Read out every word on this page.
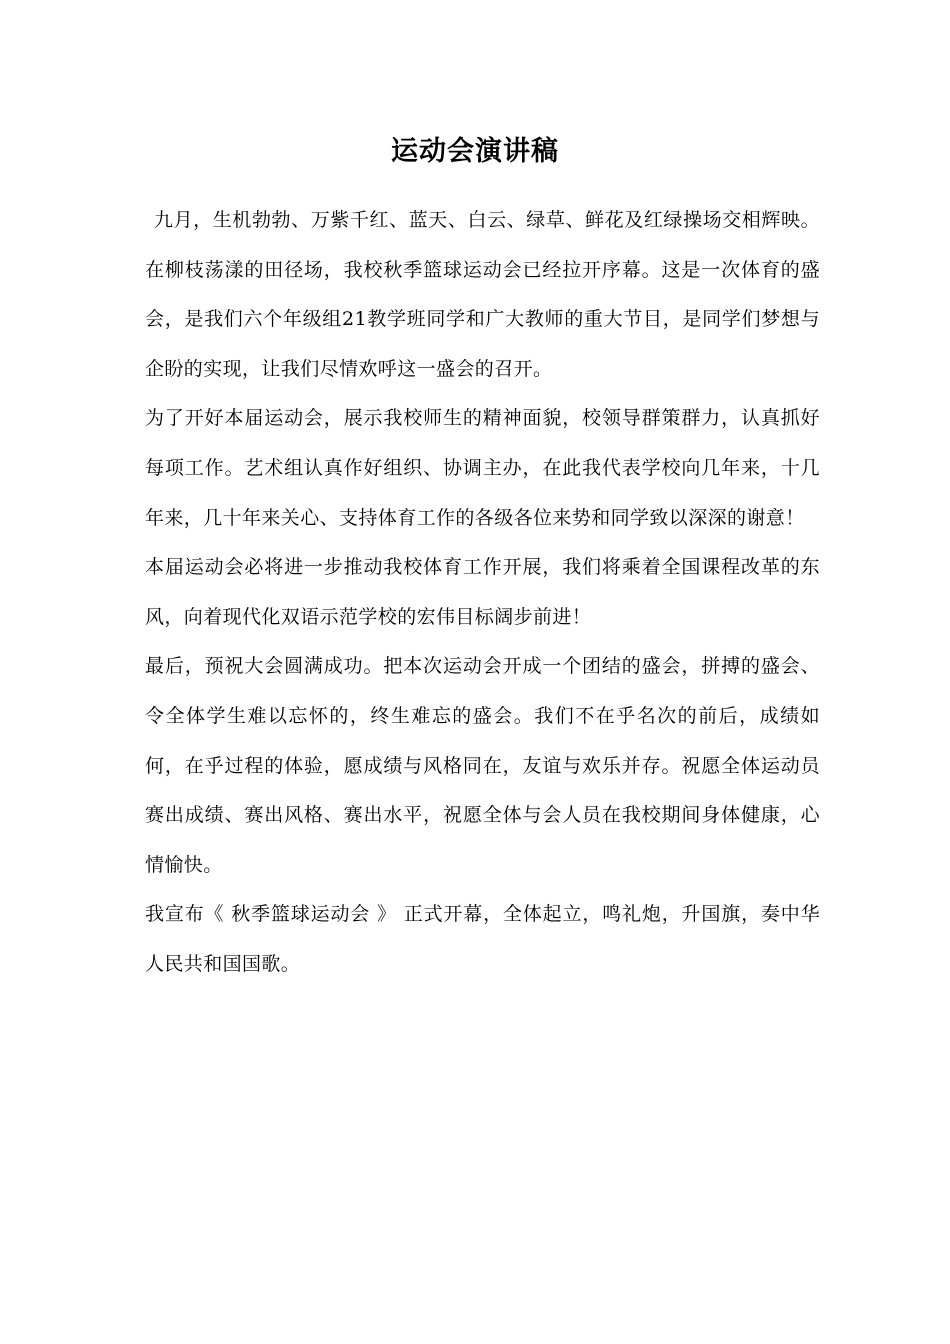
运动会演讲稿

九月，生机勃勃、万紫千红、蓝天、白云、绿草、鲜花及红绿操场交相辉映。在柳枝荡漾的田径场，我校秋季篮球运动会已经拉开序幕。这是一次体育的盛会，是我们六个年级组21教学班同学和广大教师的重大节目，是同学们梦想与企盼的实现，让我们尽情欢呼这一盛会的召开。

为了开好本届运动会，展示我校师生的精神面貌，校领导群策群力，认真抓好每项工作。艺术组认真作好组织、协调主办，在此我代表学校向几年来，十几年来，几十年来关心、支持体育工作的各级各位来势和同学致以深深的谢意！

本届运动会必将进一步推动我校体育工作开展，我们将乘着全国课程改革的东风，向着现代化双语示范学校的宏伟目标阔步前进！

最后，预祝大会圆满成功。把本次运动会开成一个团结的盛会，拼搏的盛会、令全体学生难以忘怀的，终生难忘的盛会。我们不在乎名次的前后，成绩如何，在乎过程的体验，愿成绩与风格同在，友谊与欢乐并存。祝愿全体运动员赛出成绩、赛出风格、赛出水平，祝愿全体与会人员在我校期间身体健康，心情愉快。

我宣布《 秋季篮球运动会 》 正式开幕，全体起立，鸣礼炮，升国旗，奏中华人民共和国国歌。
